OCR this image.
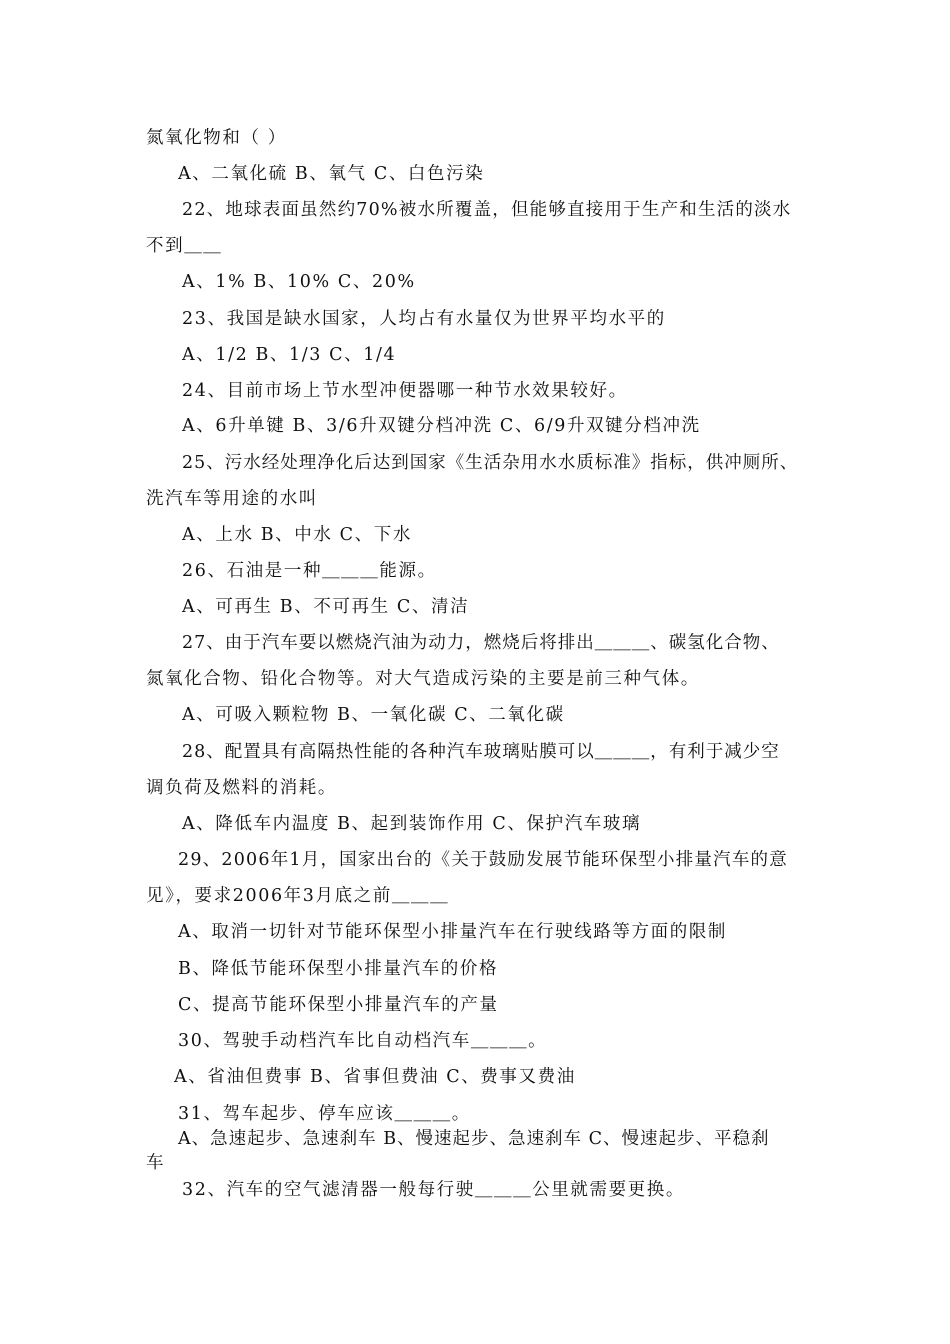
氮氧化物和（ ）
A、二氧化硫 B、氧气 C、白色污染
22、地球表面虽然约70%被水所覆盖，但能够直接用于生产和生活的淡水
不到＿＿
A、1% B、10% C、20%
23、我国是缺水国家，人均占有水量仅为世界平均水平的
A、1/2 B、1/3 C、1/4
24、目前市场上节水型冲便器哪一种节水效果较好。
A、6升单键 B、3/6升双键分档冲洗 C、6/9升双键分档冲洗
25、污水经处理净化后达到国家《生活杂用水水质标准》指标，供冲厕所、
洗汽车等用途的水叫
A、上水 B、中水 C、下水
26、石油是一种＿＿＿能源。
A、可再生 B、不可再生 C、清洁
27、由于汽车要以燃烧汽油为动力，燃烧后将排出＿＿＿、碳氢化合物、
氮氧化合物、铅化合物等。对大气造成污染的主要是前三种气体。
A、可吸入颗粒物 B、一氧化碳 C、二氧化碳
28、配置具有高隔热性能的各种汽车玻璃贴膜可以＿＿＿，有利于减少空
调负荷及燃料的消耗。
A、降低车内温度 B、起到装饰作用 C、保护汽车玻璃
29、2006年1月，国家出台的《关于鼓励发展节能环保型小排量汽车的意
见》，要求2006年3月底之前＿＿＿
A、取消一切针对节能环保型小排量汽车在行驶线路等方面的限制
B、降低节能环保型小排量汽车的价格
C、提高节能环保型小排量汽车的产量
30、驾驶手动档汽车比自动档汽车＿＿＿。
A、省油但费事 B、省事但费油 C、费事又费油
31、驾车起步、停车应该＿＿＿。
A、急速起步、急速刹车 B、慢速起步、急速刹车 C、慢速起步、平稳刹
车
32、汽车的空气滤清器一般每行驶＿＿＿公里就需要更换。
